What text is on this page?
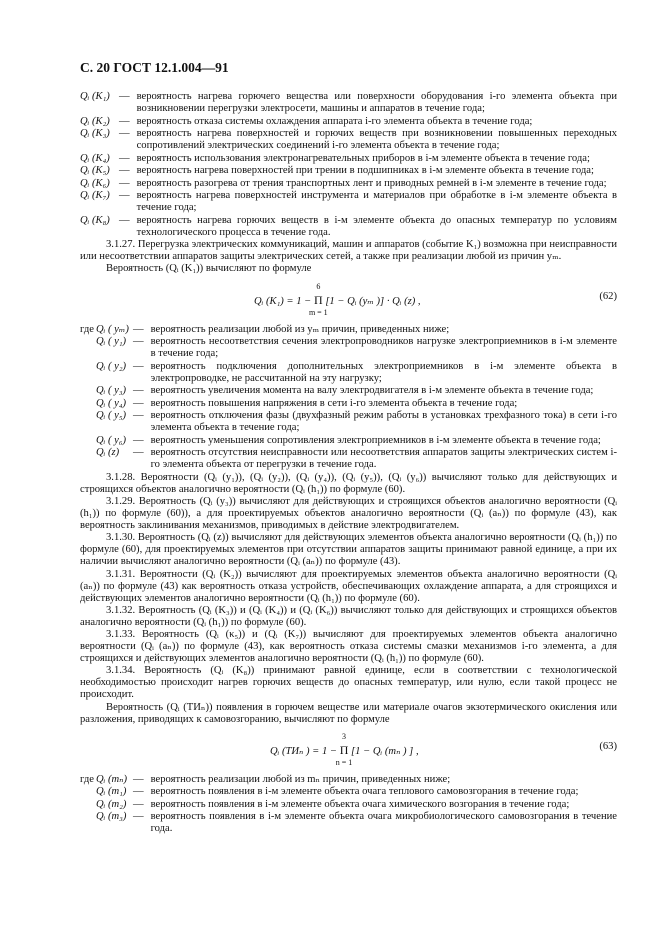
С. 20 ГОСТ 12.1.004—91
Qᵢ (K₁) — вероятность нагрева горючего вещества или поверхности оборудования i-го элемента объекта при возникновении перегрузки электросети, машины и аппаратов в течение года;
Qᵢ (K₂) — вероятность отказа системы охлаждения аппарата i-го элемента объекта в течение года;
Qᵢ (K₃) — вероятность нагрева поверхностей и горючих веществ при возникновении повышенных переходных сопротивлений электрических соединений i-го элемента объекта в течение года;
Qᵢ (K₄) — вероятность использования электронагревательных приборов в i-м элементе объекта в течение года;
Qᵢ (K₅) — вероятность нагрева поверхностей при трении в подшипниках в i-м элементе объекта в течение года;
Qᵢ (K₆) — вероятность разогрева от трения транспортных лент и приводных ремней в i-м элементе в течение года;
Qᵢ (K₇) — вероятность нагрева поверхностей инструмента и материалов при обработке в i-м элементе объекта в течение года;
Qᵢ (K₈) — вероятность нагрева горючих веществ в i-м элементе объекта до опасных температур по условиям технологического процесса в течение года.

3.1.27. Перегрузка электрических коммуникаций, машин и аппаратов (событие K₁) возможна при неисправности или несоответствии аппаратов защиты электрических сетей, а также при реализации любой из причин yₘ.

Вероятность (Qᵢ (K₁)) вычисляют по формуле

Qᵢ (K₁) = 1 − Π
6
m = 1
[1 − Qᵢ (yₘ )] · Qᵢ (z) ,	(62)
где Qᵢ ( yₘ) — вероятность реализации любой из yₘ причин, приведенных ниже;
Qᵢ ( y₁) — вероятность несоответствия сечения электропроводников нагрузке электроприемников в i-м элементе в течение года;
Qᵢ ( y₂) — вероятность подключения дополнительных электроприемников в i-м элементе объекта в электропроводке, не рассчитанной на эту нагрузку;
Qᵢ ( y₃) — вероятность увеличения момента на валу электродвигателя в i-м элементе объекта в течение года;
Qᵢ ( y₄) — вероятность повышения напряжения в сети i-го элемента объекта в течение года;
Qᵢ ( y₅) — вероятность отключения фазы (двухфазный режим работы в установках трехфазного тока) в сети i-го элемента объекта в течение года;
Qᵢ ( y₆) — вероятность уменьшения сопротивления электроприемников в i-м элементе объекта в течение года;
Qᵢ (z)	— вероятность отсутствия неисправности или несоответствия аппаратов защиты электрических систем i-го элемента объекта от перегрузки в течение года.

3.1.28. Вероятности (Qᵢ (y₁)), (Qᵢ (y₂)), (Qᵢ (y₄)), (Qᵢ (y₅)), (Qᵢ (y₆)) вычисляют только для действующих и строящихся объектов аналогично вероятности (Qᵢ (h₁)) по формуле (60).

3.1.29. Вероятность (Qᵢ (y₃)) вычисляют для действующих и строящихся объектов аналогично вероятности (Qᵢ (h₁)) по формуле (60)), а для проектируемых объектов аналогично вероятности (Qᵢ (aₙ)) по формуле (43), как вероятность заклинивания механизмов, приводимых в действие электродвигателем.

3.1.30. Вероятность (Qᵢ (z)) вычисляют для действующих элементов объекта аналогично вероятности (Qᵢ (h₁)) по формуле (60), для проектируемых элементов при отсутствии аппаратов защиты принимают равной единице, а при их наличии вычисляют аналогично вероятности (Qᵢ (aₙ)) по формуле (43).

3.1.31. Вероятности (Qᵢ (K₂)) вычисляют для проектируемых элементов объекта аналогично вероятности (Qᵢ (aₙ)) по формуле (43) как вероятность отказа устройств, обеспечивающих охлаждение аппарата, а для строящихся и действующих элементов аналогично вероятности (Qᵢ (h₁)) по формуле (60).

3.1.32. Вероятность (Qᵢ (K₃)) и (Qᵢ (K₄)) и (Qᵢ (K₆)) вычисляют только для действующих и строящихся объектов аналогично вероятности (Qᵢ (h₁)) по формуле (60).

3.1.33. Вероятность (Qᵢ (κ₅)) и (Qᵢ (K₇)) вычисляют для проектируемых элементов объекта аналогично вероятности (Qᵢ (aₙ)) по формуле (43), как вероятность отказа системы смазки механизмов i-го элемента, а для строящихся и действующих элементов аналогично вероятности (Qᵢ (h₁)) по формуле (60).

3.1.34. Вероятность (Qᵢ (K₈)) принимают равной единице, если в соответствии с технологической необходимостью происходит нагрев горючих веществ до опасных температур, или нулю, если такой процесс не происходит.

Вероятность (Qᵢ (ТИₙ)) появления в горючем веществе или материале очагов экзотермического окисления или разложения, приводящих к самовозгоранию, вычисляют по формуле

Qᵢ (ТИₙ ) = 1 − Π
3
n = 1
[1 − Qᵢ (mₙ ) ] ,	(63)
где Qᵢ (mₙ) — вероятность реализации любой из mₙ причин, приведенных ниже;
Qᵢ (m₁) — вероятность появления в i-м элементе объекта очага теплового самовозгорания в течение года;
Qᵢ (m₂) — вероятность появления в i-м элементе объекта очага химического возгорания в течение года;
Qᵢ (m₃) — вероятность появления в i-м элементе объекта очага микробиологического самовозгорания в течение года.
